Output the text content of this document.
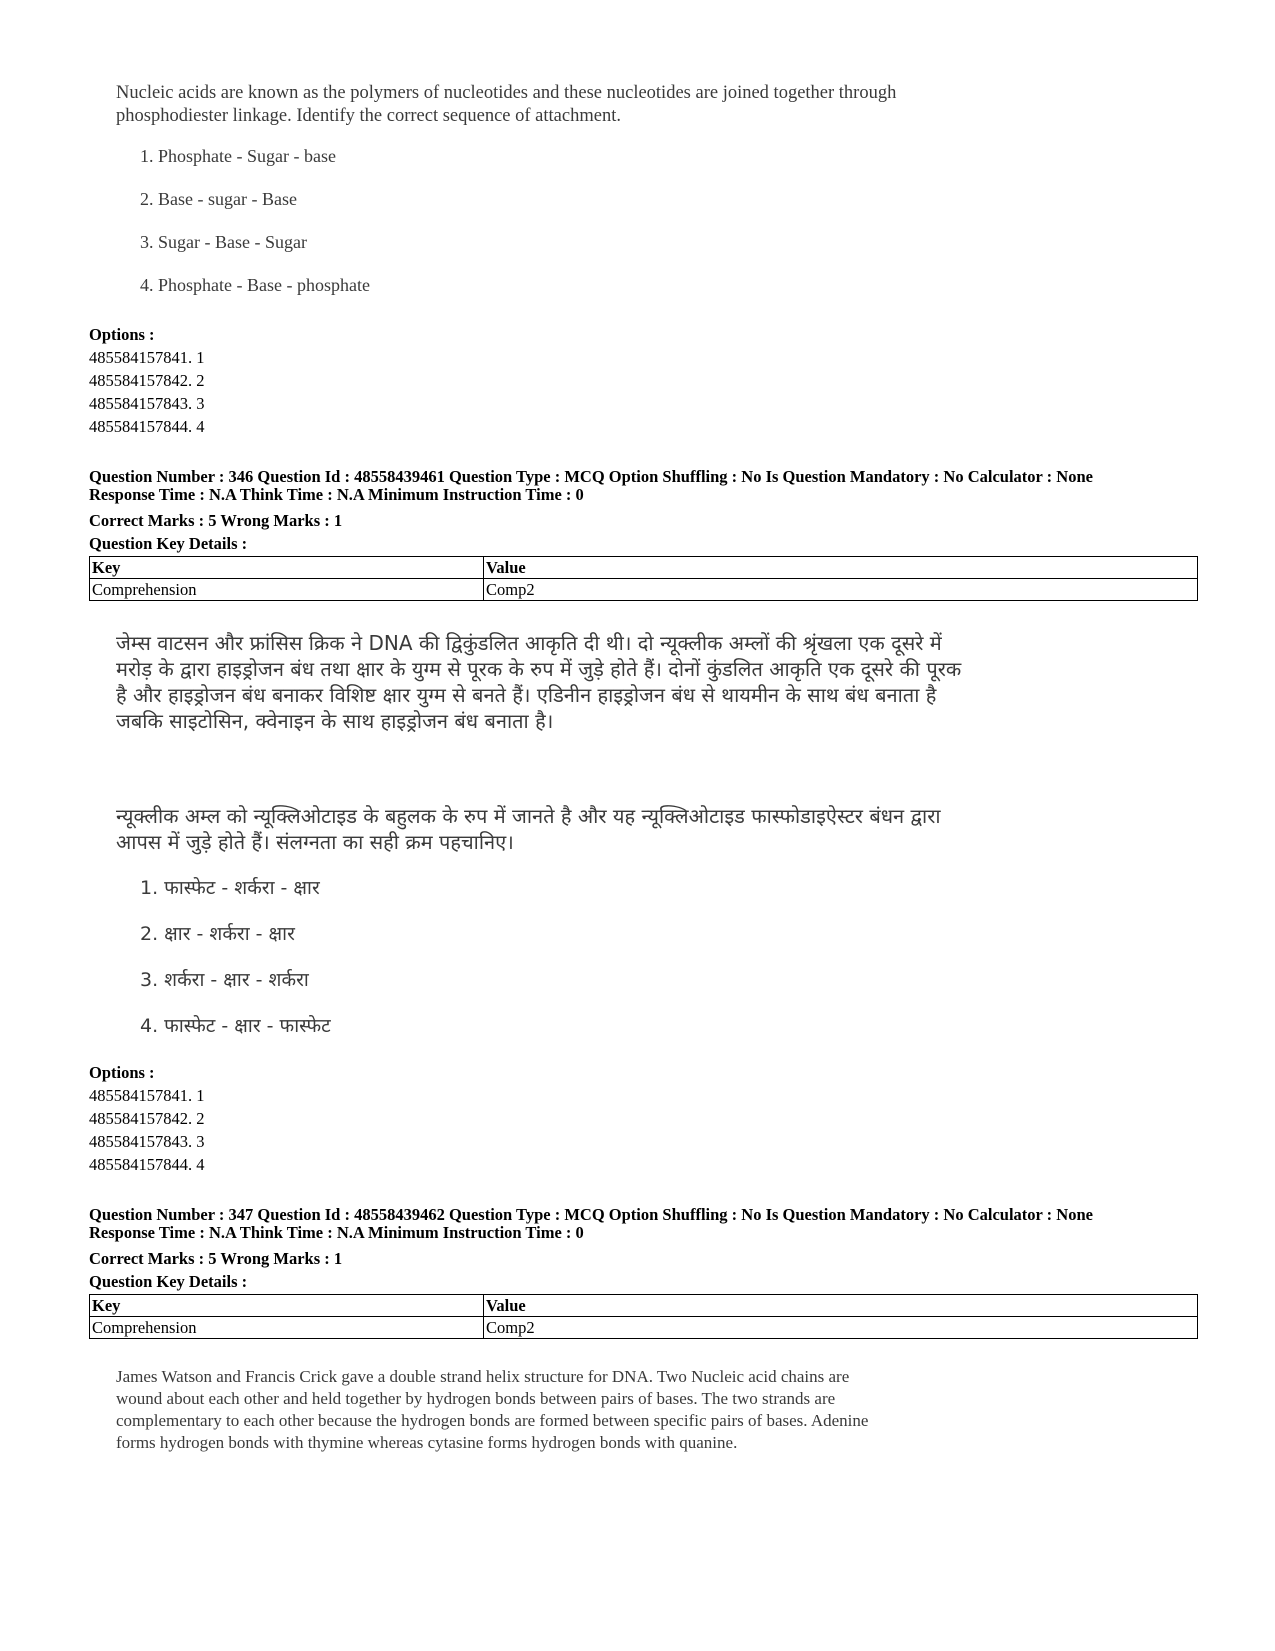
Nucleic acids are known as the polymers of nucleotides and these nucleotides are joined together through

phosphodiester linkage. Identify the correct sequence of attachment.

1. Phosphate - Sugar - base
2. Base - sugar - Base
3. Sugar - Base - Sugar
4. Phosphate - Base - phosphate
Options :
485584157841. 1
485584157842. 2
485584157843. 3
485584157844. 4
Question Number : 346 Question Id : 48558439461 Question Type : MCQ Option Shuffling : No Is Question Mandatory : No Calculator : None
Response Time : N.A Think Time : N.A Minimum Instruction Time : 0
Correct Marks : 5 Wrong Marks : 1
Question Key Details :
Key	Value
Comprehension	Comp2

जेम्स वाटसन और फ्रांसिस क्रिक ने DNA की द्विकुंडलित आकृति दी थी। दो न्यूक्लीक अम्लों की श्रृंखला एक दूसरे में

मरोड़ के द्वारा हाइड्रोजन बंध तथा क्षार के युग्म से पूरक के रुप में जुड़े होते हैं। दोनों कुंडलित आकृति एक दूसरे की पूरक

है और हाइड्रोजन बंध बनाकर विशिष्ट क्षार युग्म से बनते हैं। एडिनीन हाइड्रोजन बंध से थायमीन के साथ बंध बनाता है

जबकि साइटोसिन, क्वेनाइन के साथ हाइड्रोजन बंध बनाता है।

न्यूक्लीक अम्ल को न्यूक्लिओटाइड के बहुलक के रुप में जानते है और यह न्यूक्लिओटाइड फास्फोडाइऐस्टर बंधन द्वारा

आपस में जुड़े होते हैं। संलग्नता का सही क्रम पहचानिए।

1. फास्फेट - शर्करा - क्षार
2. क्षार - शर्करा - क्षार
3. शर्करा - क्षार - शर्करा
4. फास्फेट - क्षार - फास्फेट
Options :
485584157841. 1
485584157842. 2
485584157843. 3
485584157844. 4
Question Number : 347 Question Id : 48558439462 Question Type : MCQ Option Shuffling : No Is Question Mandatory : No Calculator : None
Response Time : N.A Think Time : N.A Minimum Instruction Time : 0
Correct Marks : 5 Wrong Marks : 1
Question Key Details :
Key	Value
Comprehension	Comp2

James Watson and Francis Crick gave a double strand helix structure for DNA. Two Nucleic acid chains are

wound about each other and held together by hydrogen bonds between pairs of bases. The two strands are

complementary to each other because the hydrogen bonds are formed between specific pairs of bases. Adenine

forms hydrogen bonds with thymine whereas cytasine forms hydrogen bonds with quanine.
